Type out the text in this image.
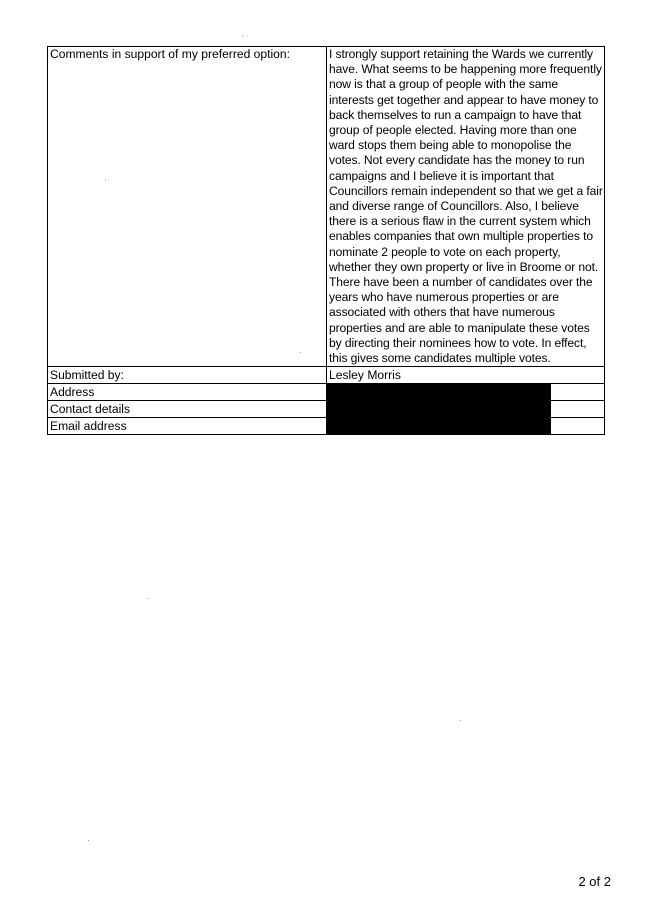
Comments in support of my preferred option:	I strongly support retaining the Wards we currently have. What seems to be happening more frequently now is that a group of people with the same interests get together and appear to have money to back themselves to run a campaign to have that group of people elected. Having more than one ward stops them being able to monopolise the votes. Not every candidate has the money to run campaigns and I believe it is important that Councillors remain independent so that we get a fair and diverse range of Councillors. Also, I believe there is a serious flaw in the current system which enables companies that own multiple properties to nominate 2 people to vote on each property, whether they own property or live in Broome or not. There have been a number of candidates over the years who have numerous properties or are associated with others that have numerous properties and are able to manipulate these votes by directing their nominees how to vote. In effect, this gives some candidates multiple votes.
Submitted by:	Lesley Morris
Address	

Contact details	

Email address	
2 of 2
